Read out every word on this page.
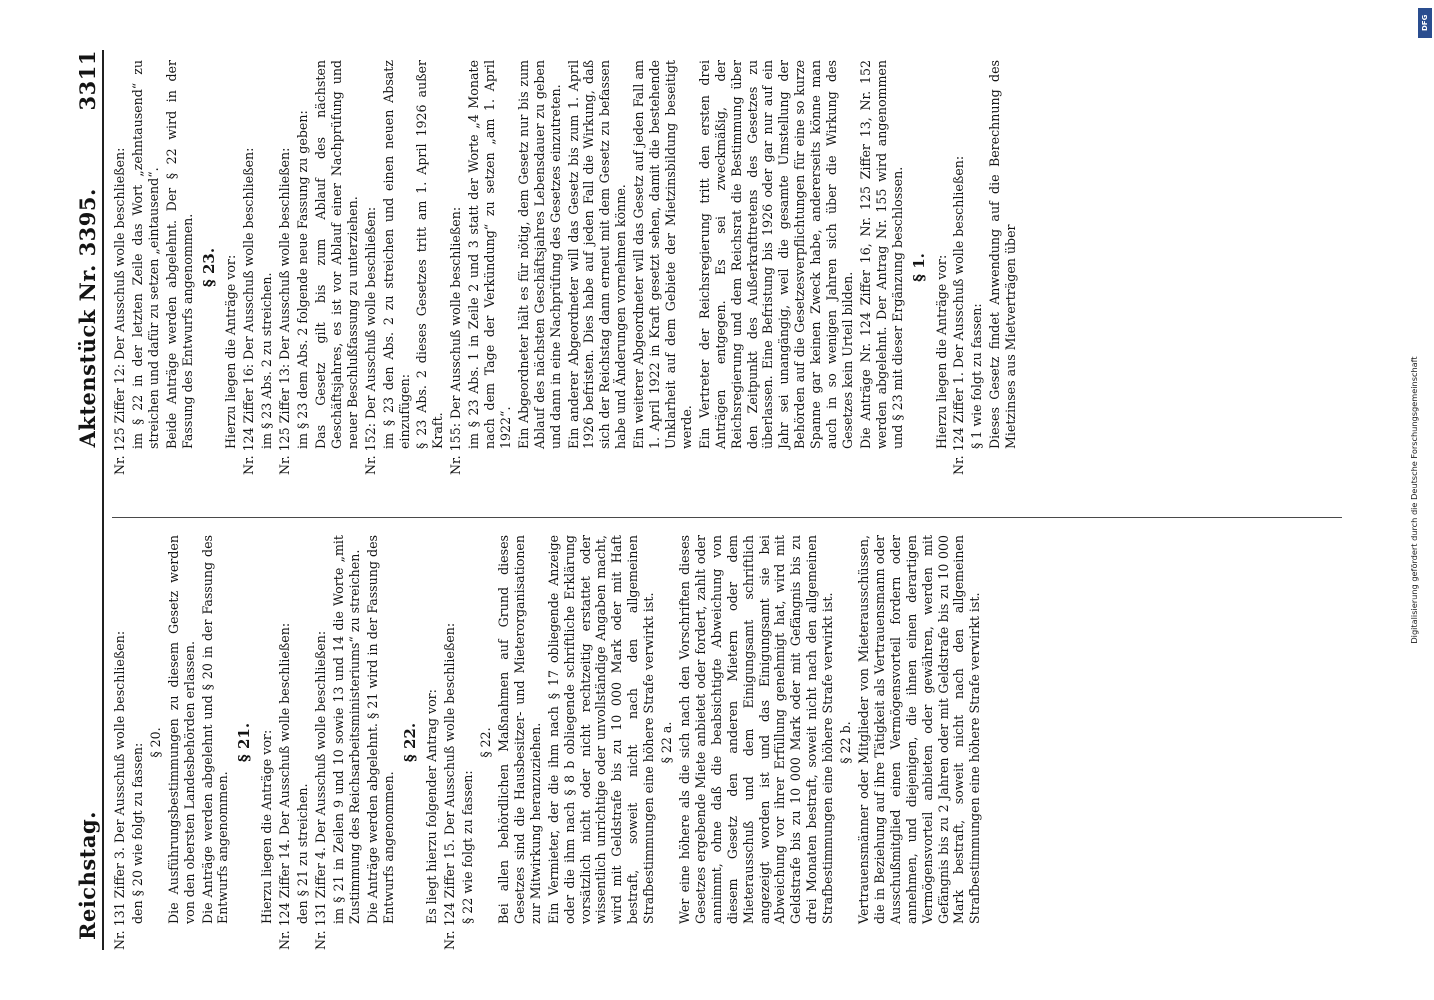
Reichstag.
Aktenstück Nr. 3395.
3311

Nr. 131 Ziffer 3. Der Ausschuß wolle beschließen: den § 20 wie folgt zu fassen:

§ 20. Die Ausführungsbestimmungen zu diesem Gesetz werden von den obersten Landesbehörden erlassen. Die Anträge werden abgelehnt und § 20 in der Fassung des Entwurfs angenommen.

§ 21. Hierzu liegen die Anträge vor: Nr. 124 Ziffer 14. Der Ausschuß wolle beschließen: den § 21 zu streichen. Nr. 131 Ziffer 4. Der Ausschuß wolle beschließen: im § 21 in Zeilen 9 und 10 sowie 13 und 14 die Worte „mit Zustimmung des Reichsarbeitsministeriums“ zu streichen. Die Anträge werden abgelehnt. § 21 wird in der Fassung des Entwurfs angenommen.

§ 22. Es liegt hierzu folgender Antrag vor: Nr. 124 Ziffer 15. Der Ausschuß wolle beschließen: § 22 wie folgt zu fassen:

§ 22. Bei allen behördlichen Maßnahmen auf Grund dieses Gesetzes sind die Hausbesitzer- und Mieterorganisationen zur Mitwirkung heranzuziehen. Ein Vermieter, der die ihm nach § 17 obliegende Anzeige oder die ihm nach § 8 b obliegende schriftliche Erklärung vorsätzlich nicht oder nicht rechtzeitig erstattet oder wissentlich unrichtige oder unvollständige Angaben macht, wird mit Geldstrafe bis zu 10 000 Mark oder mit Haft bestraft, soweit nicht nach den allgemeinen Strafbestimmungen eine höhere Strafe verwirkt ist. § 22 a. Wer eine höhere als die sich nach den Vorschriften dieses Gesetzes ergebende Miete anbietet oder fordert, zahlt oder annimmt, ohne daß die beabsichtigte Abweichung von diesem Gesetz den anderen Mietern oder dem Mieterausschuß und dem Einigungsamt schriftlich angezeigt worden ist und das Einigungsamt sie bei Abweichung vor ihrer Erfüllung genehmigt hat, wird mit Geldstrafe bis zu 10 000 Mark oder mit Gefängnis bis zu drei Monaten bestraft, soweit nicht nach den allgemeinen Strafbestimmungen eine höhere Strafe verwirkt ist. § 22 b. Vertrauensmänner oder Mitglieder von Mieterausschüssen, die in Beziehung auf ihre Tätigkeit als Vertrauensmann oder Ausschußmitglied einen Vermögensvorteil fordern oder annehmen, und diejenigen, die ihnen einen derartigen Vermögensvorteil anbieten oder gewähren, werden mit Gefängnis bis zu 2 Jahren oder mit Geldstrafe bis zu 10 000 Mark bestraft, soweit nicht nach den allgemeinen Strafbestimmungen eine höhere Strafe verwirkt ist.

Nr. 125 Ziffer 12: Der Ausschuß wolle beschließen: im § 22 in der letzten Zeile das Wort „zehntausend“ zu streichen und dafür zu setzen „eintausend“. Beide Anträge werden abgelehnt. Der § 22 wird in der Fassung des Entwurfs angenommen. § 23. Hierzu liegen die Anträge vor: Nr. 124 Ziffer 16: Der Ausschuß wolle beschließen: im § 23 Abs. 2 zu streichen. Nr. 125 Ziffer 13: Der Ausschuß wolle beschließen: im § 23 dem Abs. 2 folgende neue Fassung zu geben: Das Gesetz gilt bis zum Ablauf des nächsten Geschäftsjahres, es ist vor Ablauf einer Nachprüfung und neuer Beschlußfassung zu unterziehen. Nr. 152: Der Ausschuß wolle beschließen: im § 23 den Abs. 2 zu streichen und einen neuen Absatz einzufügen: § 23 Abs. 2 dieses Gesetzes tritt am 1. April 1926 außer Kraft. Nr. 155: Der Ausschuß wolle beschließen: im § 23 Abs. 1 in Zeile 2 und 3 statt der Worte „4 Monate nach dem Tage der Verkündung“ zu setzen „am 1. April 1922“. Ein Abgeordneter hält es für nötig, dem Gesetz nur bis zum Ablauf des nächsten Geschäftsjahres Lebensdauer zu geben und dann in eine Nachprüfung des Gesetzes einzutreten. Ein anderer Abgeordneter will das Gesetz bis zum 1. April 1926 befristen. Dies habe auf jeden Fall die Wirkung, daß sich der Reichstag dann erneut mit dem Gesetz zu befassen habe und Änderungen vornehmen könne. Ein weiterer Abgeordneter will das Gesetz auf jeden Fall am 1. April 1922 in Kraft gesetzt sehen, damit die bestehende Unklarheit auf dem Gebiete der Mietzinsbildung beseitigt werde. Ein Vertreter der Reichsregierung tritt den ersten drei Anträgen entgegen. Es sei zweckmäßig, der Reichsregierung und dem Reichsrat die Bestimmung über den Zeitpunkt des Außerkrafttretens des Gesetzes zu überlassen. Eine Befristung bis 1926 oder gar nur auf ein Jahr sei unangängig, weil die gesamte Umstellung der Behörden auf die Gesetzesverpflichtungen für eine so kurze Spanne gar keinen Zweck habe, andererseits könne man auch in so wenigen Jahren sich über die Wirkung des Gesetzes kein Urteil bilden. Die Anträge Nr. 124 Ziffer 16, Nr. 125 Ziffer 13, Nr. 152 werden abgelehnt. Der Antrag Nr. 155 wird angenommen und § 23 mit dieser Ergänzung beschlossen. § 1. Hierzu liegen die Anträge vor: Nr. 124 Ziffer 1. Der Ausschuß wolle beschließen: § 1 wie folgt zu fassen: Dieses Gesetz findet Anwendung auf die Berechnung des Mietzinses aus Mietverträgen über

Digitalisierung gefördert durch die Deutsche Forschungsgemeinschaft
DFG
